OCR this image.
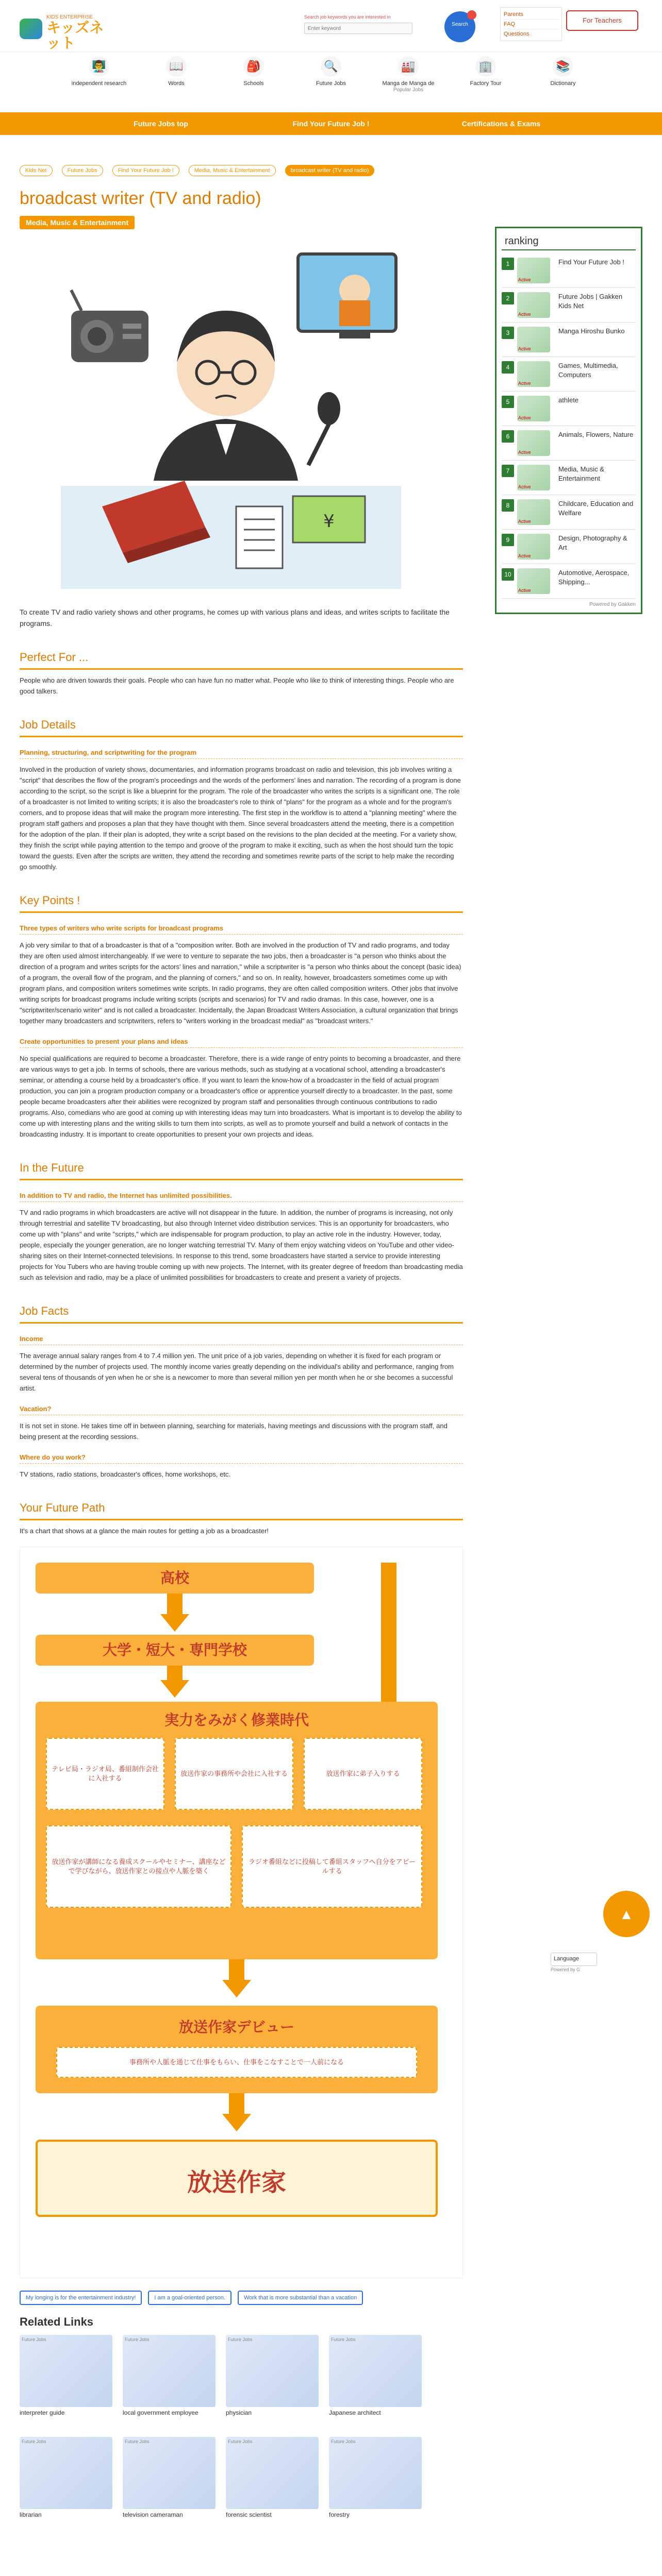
KIDS ENTERPRISE
キッズネット
Search job keywords you are interested in
Enter keyword
Search
Parents
FAQ
Questions
For Teachers
👨‍🏫
independent research
📖
Words
🎒
Schools
🔍
Future Jobs
🏭
Manga de Manga de
Popular Jobs
🏢
Factory Tour
📚
Dictionary
Future Jobs top	Find Your Future Job !	Certifications & Exams
Kids Net	Future Jobs	Find Your Future Job !	Media, Music & Entertainment	broadcast writer (TV and radio)
broadcast writer (TV and radio)
Media, Music & Entertainment
¥

To create TV and radio variety shows and other programs, he comes up with various plans and ideas, and writes scripts to facilitate the programs.

Perfect For ...

People who are driven towards their goals. People who can have fun no matter what. People who like to think of interesting things. People who are good talkers.

Job Details
Planning, structuring, and scriptwriting for the program

Involved in the production of variety shows, documentaries, and information programs broadcast on radio and television, this job involves writing a "script" that describes the flow of the program's proceedings and the words of the performers' lines and narration. The recording of a program is done according to the script, so the script is like a blueprint for the program. The role of the broadcaster who writes the scripts is a significant one. The role of a broadcaster is not limited to writing scripts; it is also the broadcaster's role to think of "plans" for the program as a whole and for the program's corners, and to propose ideas that will make the program more interesting. The first step in the workflow is to attend a "planning meeting" where the program staff gathers and proposes a plan that they have thought with them. Since several broadcasters attend the meeting, there is a competition for the adoption of the plan. If their plan is adopted, they write a script based on the revisions to the plan decided at the meeting. For a variety show, they finish the script while paying attention to the tempo and groove of the program to make it exciting, such as when the host should turn the topic toward the guests. Even after the scripts are written, they attend the recording and sometimes rewrite parts of the script to help make the recording go smoothly.

Key Points !
Three types of writers who write scripts for broadcast programs

A job very similar to that of a broadcaster is that of a "composition writer. Both are involved in the production of TV and radio programs, and today they are often used almost interchangeably. If we were to venture to separate the two jobs, then a broadcaster is "a person who thinks about the direction of a program and writes scripts for the actors' lines and narration," while a scriptwriter is "a person who thinks about the concept (basic idea) of a program, the overall flow of the program, and the planning of corners," and so on. In reality, however, broadcasters sometimes come up with program plans, and composition writers sometimes write scripts. In radio programs, they are often called composition writers. Other jobs that involve writing scripts for broadcast programs include writing scripts (scripts and scenarios) for TV and radio dramas. In this case, however, one is a "scriptwriter/scenario writer" and is not called a broadcaster. Incidentally, the Japan Broadcast Writers Association, a cultural organization that brings together many broadcasters and scriptwriters, refers to "writers working in the broadcast medial" as "broadcast writers."

Create opportunities to present your plans and ideas

No special qualifications are required to become a broadcaster. Therefore, there is a wide range of entry points to becoming a broadcaster, and there are various ways to get a job. In terms of schools, there are various methods, such as studying at a vocational school, attending a broadcaster's seminar, or attending a course held by a broadcaster's office. If you want to learn the know-how of a broadcaster in the field of actual program production, you can join a program production company or a broadcaster's office or apprentice yourself directly to a broadcaster. In the past, some people became broadcasters after their abilities were recognized by program staff and personalities through continuous contributions to radio programs. Also, comedians who are good at coming up with interesting ideas may turn into broadcasters. What is important is to develop the ability to come up with interesting plans and the writing skills to turn them into scripts, as well as to promote yourself and build a network of contacts in the broadcasting industry. It is important to create opportunities to present your own projects and ideas.

In the Future
In addition to TV and radio, the Internet has unlimited possibilities.

TV and radio programs in which broadcasters are active will not disappear in the future. In addition, the number of programs is increasing, not only through terrestrial and satellite TV broadcasting, but also through Internet video distribution services. This is an opportunity for broadcasters, who come up with "plans" and write "scripts," which are indispensable for program production, to play an active role in the industry. However, today, people, especially the younger generation, are no longer watching terrestrial TV. Many of them enjoy watching videos on YouTube and other video-sharing sites on their Internet-connected televisions. In response to this trend, some broadcasters have started a service to provide interesting projects for You Tubers who are having trouble coming up with new projects. The Internet, with its greater degree of freedom than broadcasting media such as television and radio, may be a place of unlimited possibilities for broadcasters to create and present a variety of projects.

Job Facts
Income

The average annual salary ranges from 4 to 7.4 million yen. The unit price of a job varies, depending on whether it is fixed for each program or determined by the number of projects used. The monthly income varies greatly depending on the individual's ability and performance, ranging from several tens of thousands of yen when he or she is a newcomer to more than several million yen per month when he or she becomes a successful artist.

Vacation?

It is not set in stone. He takes time off in between planning, searching for materials, having meetings and discussions with the program staff, and being present at the recording sessions.

Where do you work?

TV stations, radio stations, broadcaster's offices, home workshops, etc.

Your Future Path

It's a chart that shows at a glance the main routes for getting a job as a broadcaster!

高校
大学・短大・専門学校
実力をみがく修業時代
テレビ局・ラジオ局、番組制作会社に入社する
放送作家の事務所や会社に入社する	放送作家に弟子入りする
放送作家が講師になる養成スクールやセミナー、講座などで学びながら、放送作家との接点や人脈を築く
ラジオ番組などに投稿して番組スタッフへ自分をアピールする
放送作家デビュー
事務所や人脈を通じて仕事をもらい、仕事をこなすことで一人前になる
放送作家
My longing is for the entertainment industry!	I am a goal-oriented person.	Work that is more substantial than a vacation
Related Links
Future Jobs
interpreter guide
Future Jobs
local government employee
Future Jobs
physician
Future Jobs
Japanese architect
Future Jobs
librarian
Future Jobs
television cameraman
Future Jobs
forensic scientist
Future Jobs
forestry
ranking
1
Active
Find Your Future Job !
2
Active
Future Jobs | Gakken Kids Net
3
Active
Manga Hiroshu Bunko
4
Active
Games, Multimedia, Computers
5
Active
athlete
6
Active
Animals, Flowers, Nature
7
Active
Media, Music & Entertainment
8
Active
Childcare, Education and Welfare
9
Active
Design, Photography & Art
10
Active
Automotive, Aerospace, Shipping...
Powered by Gakken
▲
Language
Powered by G
